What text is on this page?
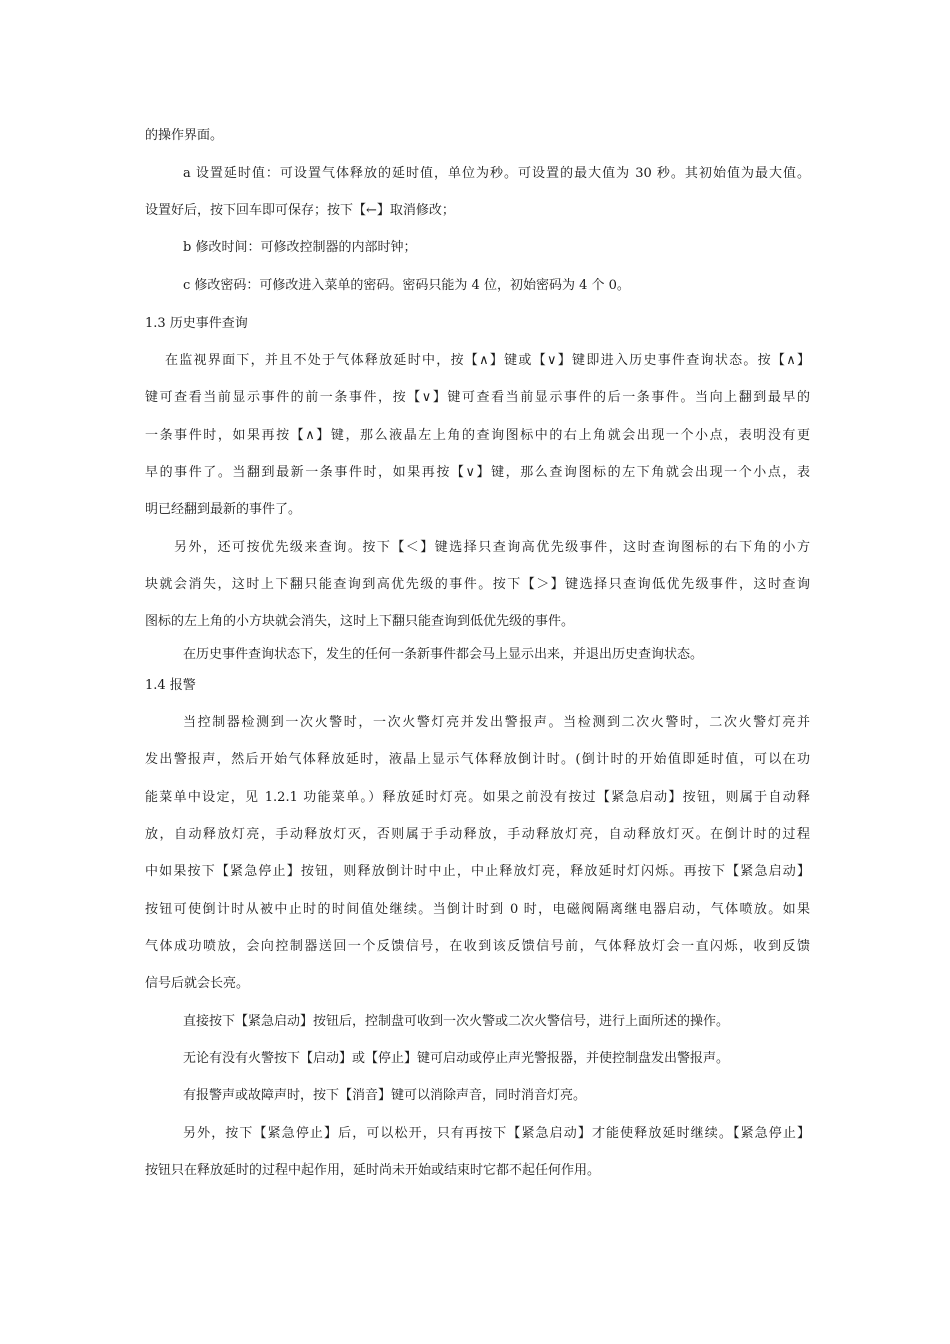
的操作界面。
a 设置延时值：可设置气体释放的延时值，单位为秒。可设置的最大值为 30 秒。其初始值为最大值。
设置好后，按下回车即可保存；按下【←】取消修改；
b 修改时间：可修改控制器的内部时钟；
c 修改密码：可修改进入菜单的密码。密码只能为 4 位，初始密码为 4 个 0。
1.3 历史事件查询
在监视界面下，并且不处于气体释放延时中，按【∧】键或【∨】键即进入历史事件查询状态。按【∧】
键可查看当前显示事件的前一条事件，按【∨】键可查看当前显示事件的后一条事件。当向上翻到最早的
一条事件时，如果再按【∧】键，那么液晶左上角的查询图标中的右上角就会出现一个小点，表明没有更
早的事件了。当翻到最新一条事件时，如果再按【∨】键，那么查询图标的左下角就会出现一个小点，表
明已经翻到最新的事件了。
另外，还可按优先级来查询。按下【＜】键选择只查询高优先级事件，这时查询图标的右下角的小方
块就会消失，这时上下翻只能查询到高优先级的事件。按下【＞】键选择只查询低优先级事件，这时查询
图标的左上角的小方块就会消失，这时上下翻只能查询到低优先级的事件。
在历史事件查询状态下，发生的任何一条新事件都会马上显示出来，并退出历史查询状态。
1.4 报警
当控制器检测到一次火警时，一次火警灯亮并发出警报声。当检测到二次火警时，二次火警灯亮并
发出警报声，然后开始气体释放延时，液晶上显示气体释放倒计时。(倒计时的开始值即延时值，可以在功
能菜单中设定，见 1.2.1 功能菜单。）释放延时灯亮。如果之前没有按过【紧急启动】按钮，则属于自动释
放，自动释放灯亮，手动释放灯灭，否则属于手动释放，手动释放灯亮，自动释放灯灭。在倒计时的过程
中如果按下【紧急停止】按钮，则释放倒计时中止，中止释放灯亮，释放延时灯闪烁。再按下【紧急启动】
按钮可使倒计时从被中止时的时间值处继续。当倒计时到 0 时，电磁阀隔离继电器启动，气体喷放。如果
气体成功喷放，会向控制器送回一个反馈信号，在收到该反馈信号前，气体释放灯会一直闪烁，收到反馈
信号后就会长亮。
直接按下【紧急启动】按钮后，控制盘可收到一次火警或二次火警信号，进行上面所述的操作。
无论有没有火警按下【启动】或【停止】键可启动或停止声光警报器，并使控制盘发出警报声。
有报警声或故障声时，按下【消音】键可以消除声音，同时消音灯亮。
另外，按下【紧急停止】后，可以松开，只有再按下【紧急启动】才能使释放延时继续。【紧急停止】
按钮只在释放延时的过程中起作用，延时尚未开始或结束时它都不起任何作用。
